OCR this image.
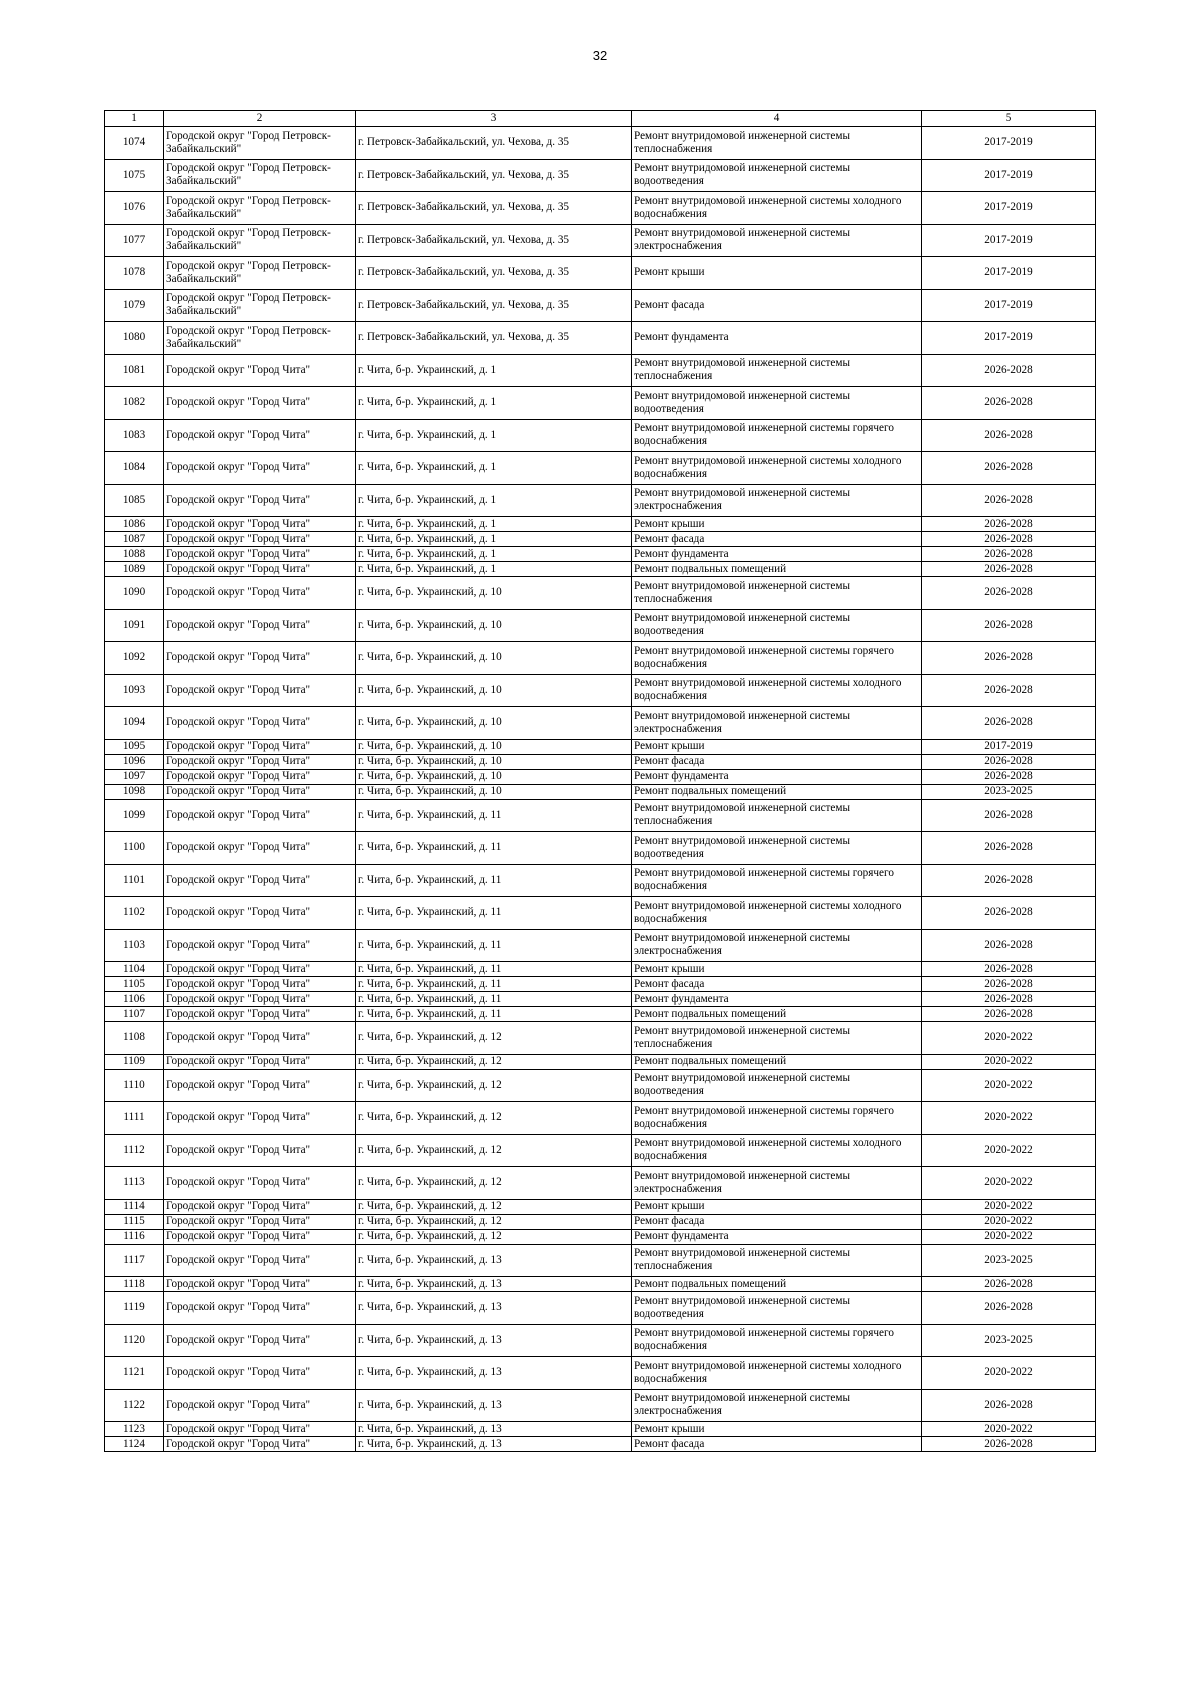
32
1	2	3	4	5
1074	Городской округ "Город Петровск-Забайкальский"	г. Петровск-Забайкальский, ул. Чехова, д. 35	Ремонт внутридомовой инженерной системы теплоснабжения	2017-2019
1075	Городской округ "Город Петровск-Забайкальский"	г. Петровск-Забайкальский, ул. Чехова, д. 35	Ремонт внутридомовой инженерной системы водоотведения	2017-2019
1076	Городской округ "Город Петровск-Забайкальский"	г. Петровск-Забайкальский, ул. Чехова, д. 35	Ремонт внутридомовой инженерной системы холодного водоснабжения	2017-2019
1077	Городской округ "Город Петровск-Забайкальский"	г. Петровск-Забайкальский, ул. Чехова, д. 35	Ремонт внутридомовой инженерной системы электроснабжения	2017-2019
1078	Городской округ "Город Петровск-Забайкальский"	г. Петровск-Забайкальский, ул. Чехова, д. 35	Ремонт крыши	2017-2019
1079	Городской округ "Город Петровск-Забайкальский"	г. Петровск-Забайкальский, ул. Чехова, д. 35	Ремонт фасада	2017-2019
1080	Городской округ "Город Петровск-Забайкальский"	г. Петровск-Забайкальский, ул. Чехова, д. 35	Ремонт фундамента	2017-2019
1081	Городской округ "Город Чита"	г. Чита, б-р. Украинский, д. 1	Ремонт внутридомовой инженерной системы теплоснабжения	2026-2028
1082	Городской округ "Город Чита"	г. Чита, б-р. Украинский, д. 1	Ремонт внутридомовой инженерной системы водоотведения	2026-2028
1083	Городской округ "Город Чита"	г. Чита, б-р. Украинский, д. 1	Ремонт внутридомовой инженерной системы горячего водоснабжения	2026-2028
1084	Городской округ "Город Чита"	г. Чита, б-р. Украинский, д. 1	Ремонт внутридомовой инженерной системы холодного водоснабжения	2026-2028
1085	Городской округ "Город Чита"	г. Чита, б-р. Украинский, д. 1	Ремонт внутридомовой инженерной системы электроснабжения	2026-2028
1086	Городской округ "Город Чита"	г. Чита, б-р. Украинский, д. 1	Ремонт крыши	2026-2028
1087	Городской округ "Город Чита"	г. Чита, б-р. Украинский, д. 1	Ремонт фасада	2026-2028
1088	Городской округ "Город Чита"	г. Чита, б-р. Украинский, д. 1	Ремонт фундамента	2026-2028
1089	Городской округ "Город Чита"	г. Чита, б-р. Украинский, д. 1	Ремонт подвальных помещений	2026-2028
1090	Городской округ "Город Чита"	г. Чита, б-р. Украинский, д. 10	Ремонт внутридомовой инженерной системы теплоснабжения	2026-2028
1091	Городской округ "Город Чита"	г. Чита, б-р. Украинский, д. 10	Ремонт внутридомовой инженерной системы водоотведения	2026-2028
1092	Городской округ "Город Чита"	г. Чита, б-р. Украинский, д. 10	Ремонт внутридомовой инженерной системы горячего водоснабжения	2026-2028
1093	Городской округ "Город Чита"	г. Чита, б-р. Украинский, д. 10	Ремонт внутридомовой инженерной системы холодного водоснабжения	2026-2028
1094	Городской округ "Город Чита"	г. Чита, б-р. Украинский, д. 10	Ремонт внутридомовой инженерной системы электроснабжения	2026-2028
1095	Городской округ "Город Чита"	г. Чита, б-р. Украинский, д. 10	Ремонт крыши	2017-2019
1096	Городской округ "Город Чита"	г. Чита, б-р. Украинский, д. 10	Ремонт фасада	2026-2028
1097	Городской округ "Город Чита"	г. Чита, б-р. Украинский, д. 10	Ремонт фундамента	2026-2028
1098	Городской округ "Город Чита"	г. Чита, б-р. Украинский, д. 10	Ремонт подвальных помещений	2023-2025
1099	Городской округ "Город Чита"	г. Чита, б-р. Украинский, д. 11	Ремонт внутридомовой инженерной системы теплоснабжения	2026-2028
1100	Городской округ "Город Чита"	г. Чита, б-р. Украинский, д. 11	Ремонт внутридомовой инженерной системы водоотведения	2026-2028
1101	Городской округ "Город Чита"	г. Чита, б-р. Украинский, д. 11	Ремонт внутридомовой инженерной системы горячего водоснабжения	2026-2028
1102	Городской округ "Город Чита"	г. Чита, б-р. Украинский, д. 11	Ремонт внутридомовой инженерной системы холодного водоснабжения	2026-2028
1103	Городской округ "Город Чита"	г. Чита, б-р. Украинский, д. 11	Ремонт внутридомовой инженерной системы электроснабжения	2026-2028
1104	Городской округ "Город Чита"	г. Чита, б-р. Украинский, д. 11	Ремонт крыши	2026-2028
1105	Городской округ "Город Чита"	г. Чита, б-р. Украинский, д. 11	Ремонт фасада	2026-2028
1106	Городской округ "Город Чита"	г. Чита, б-р. Украинский, д. 11	Ремонт фундамента	2026-2028
1107	Городской округ "Город Чита"	г. Чита, б-р. Украинский, д. 11	Ремонт подвальных помещений	2026-2028
1108	Городской округ "Город Чита"	г. Чита, б-р. Украинский, д. 12	Ремонт внутридомовой инженерной системы теплоснабжения	2020-2022
1109	Городской округ "Город Чита"	г. Чита, б-р. Украинский, д. 12	Ремонт подвальных помещений	2020-2022
1110	Городской округ "Город Чита"	г. Чита, б-р. Украинский, д. 12	Ремонт внутридомовой инженерной системы водоотведения	2020-2022
1111	Городской округ "Город Чита"	г. Чита, б-р. Украинский, д. 12	Ремонт внутридомовой инженерной системы горячего водоснабжения	2020-2022
1112	Городской округ "Город Чита"	г. Чита, б-р. Украинский, д. 12	Ремонт внутридомовой инженерной системы холодного водоснабжения	2020-2022
1113	Городской округ "Город Чита"	г. Чита, б-р. Украинский, д. 12	Ремонт внутридомовой инженерной системы электроснабжения	2020-2022
1114	Городской округ "Город Чита"	г. Чита, б-р. Украинский, д. 12	Ремонт крыши	2020-2022
1115	Городской округ "Город Чита"	г. Чита, б-р. Украинский, д. 12	Ремонт фасада	2020-2022
1116	Городской округ "Город Чита"	г. Чита, б-р. Украинский, д. 12	Ремонт фундамента	2020-2022
1117	Городской округ "Город Чита"	г. Чита, б-р. Украинский, д. 13	Ремонт внутридомовой инженерной системы теплоснабжения	2023-2025
1118	Городской округ "Город Чита"	г. Чита, б-р. Украинский, д. 13	Ремонт подвальных помещений	2026-2028
1119	Городской округ "Город Чита"	г. Чита, б-р. Украинский, д. 13	Ремонт внутридомовой инженерной системы водоотведения	2026-2028
1120	Городской округ "Город Чита"	г. Чита, б-р. Украинский, д. 13	Ремонт внутридомовой инженерной системы горячего водоснабжения	2023-2025
1121	Городской округ "Город Чита"	г. Чита, б-р. Украинский, д. 13	Ремонт внутридомовой инженерной системы холодного водоснабжения	2020-2022
1122	Городской округ "Город Чита"	г. Чита, б-р. Украинский, д. 13	Ремонт внутридомовой инженерной системы электроснабжения	2026-2028
1123	Городской округ "Город Чита"	г. Чита, б-р. Украинский, д. 13	Ремонт крыши	2020-2022
1124	Городской округ "Город Чита"	г. Чита, б-р. Украинский, д. 13	Ремонт фасада	2026-2028
